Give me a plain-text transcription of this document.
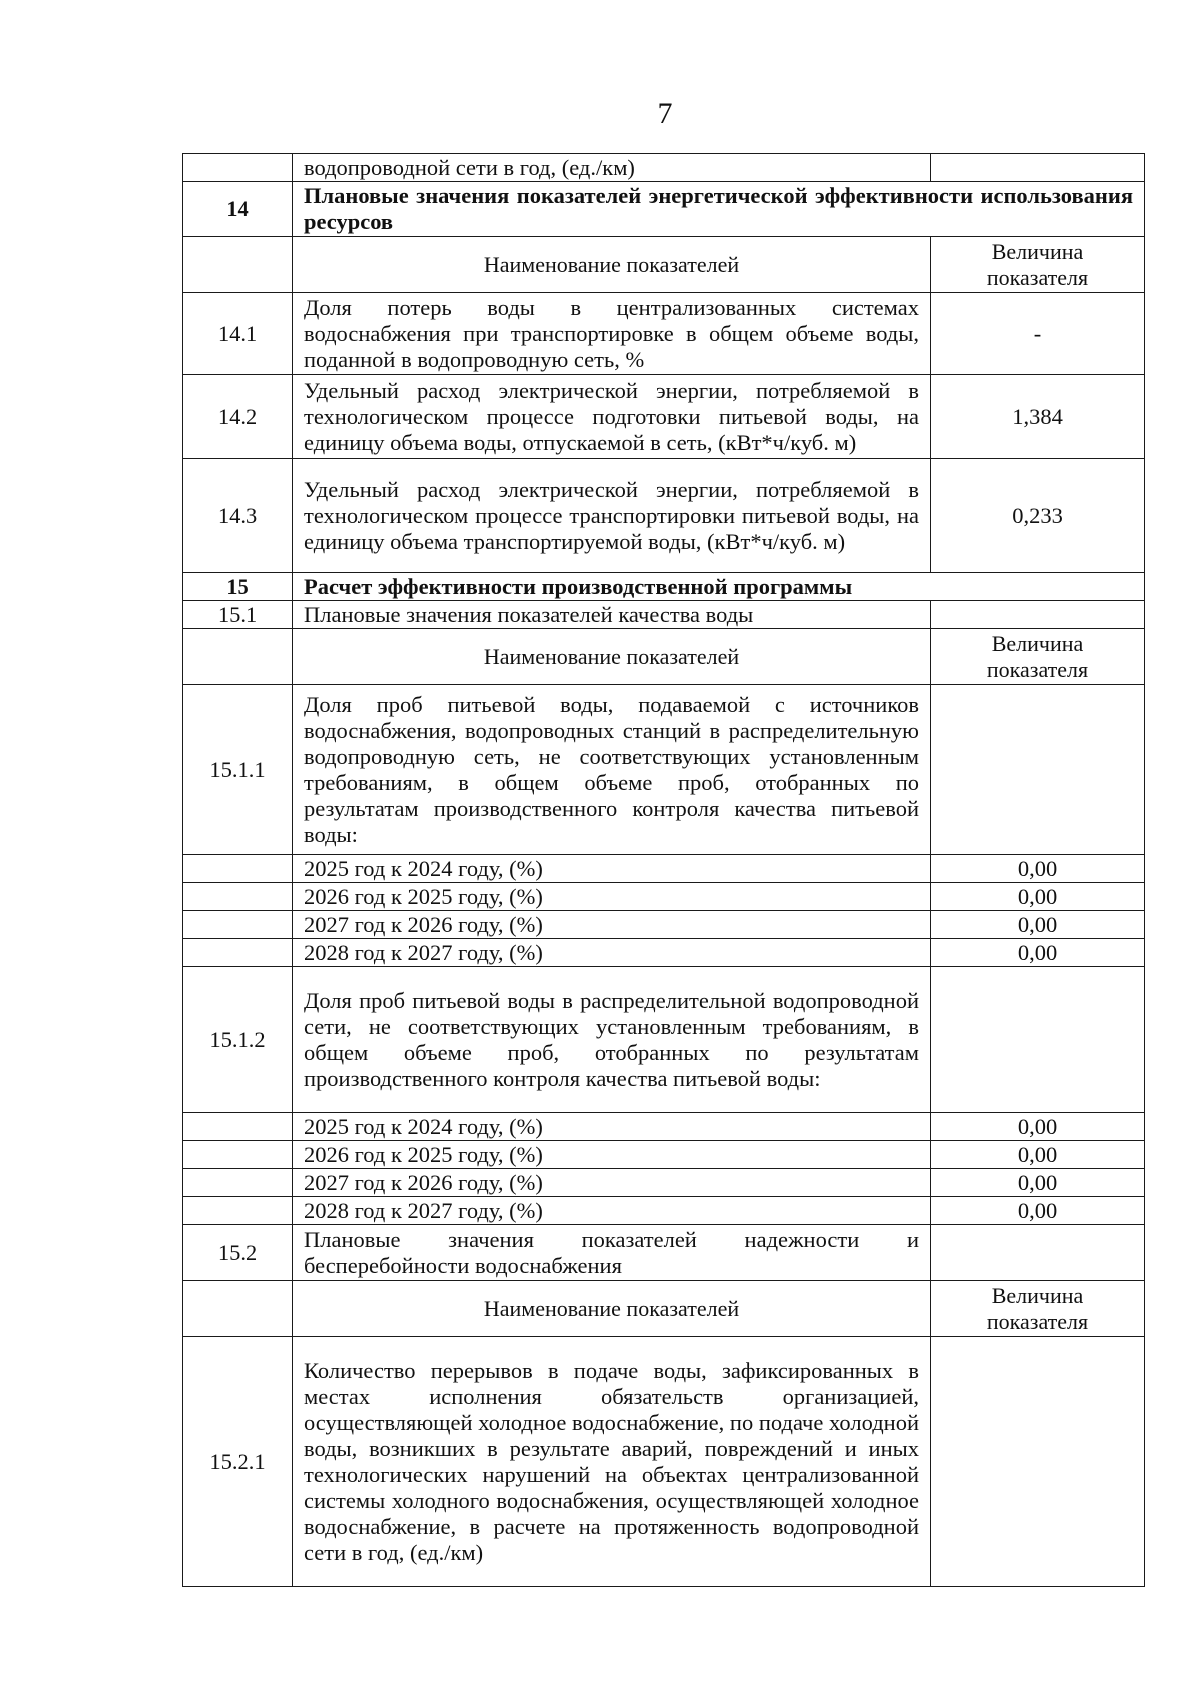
7
	водопроводной сети в год, (ед./км)	
14	Плановые значения показателей энергетической эффективности использования ресурсов	
	Наименование показателей	Величина показателя
14.1	Доля потерь воды в централизованных системах водоснабжения при транспортировке в общем объеме воды, поданной в водопроводную сеть, %	-
14.2	Удельный расход электрической энергии, потребляемой в технологическом процессе подготовки питьевой воды, на единицу объема воды, отпускаемой в сеть, (кВт*ч/куб. м)	1,384
14.3	Удельный расход электрической энергии, потребляемой в технологическом процессе транспортировки питьевой воды, на единицу объема транспортируемой воды, (кВт*ч/куб. м)	0,233
15	Расчет эффективности производственной программы	
15.1	Плановые значения показателей качества воды	
	Наименование показателей	Величина показателя
15.1.1	Доля проб питьевой воды, подаваемой с источников водоснабжения, водопроводных станций в распределительную водопроводную сеть, не соответствующих установленным требованиям, в общем объеме проб, отобранных по результатам производственного контроля качества питьевой воды:	
	2025 год к 2024 году, (%)	0,00
	2026 год к 2025 году, (%)	0,00
	2027 год к 2026 году, (%)	0,00
	2028 год к 2027 году, (%)	0,00
15.1.2	Доля проб питьевой воды в распределительной водопроводной сети, не соответствующих установленным требованиям, в общем объеме проб, отобранных по результатам производственного контроля качества питьевой воды:	
	2025 год к 2024 году, (%)	0,00
	2026 год к 2025 году, (%)	0,00
	2027 год к 2026 году, (%)	0,00
	2028 год к 2027 году, (%)	0,00
15.2	Плановые значения показателей надежности и бесперебойности водоснабжения	
	Наименование показателей	Величина показателя
15.2.1	Количество перерывов в подаче воды, зафиксированных в местах исполнения обязательств организацией, осуществляющей холодное водоснабжение, по подаче холодной воды, возникших в результате аварий, повреждений и иных технологических нарушений на объектах централизованной системы холодного водоснабжения, осуществляющей холодное водоснабжение, в расчете на протяженность водопроводной сети в год, (ед./км)	
